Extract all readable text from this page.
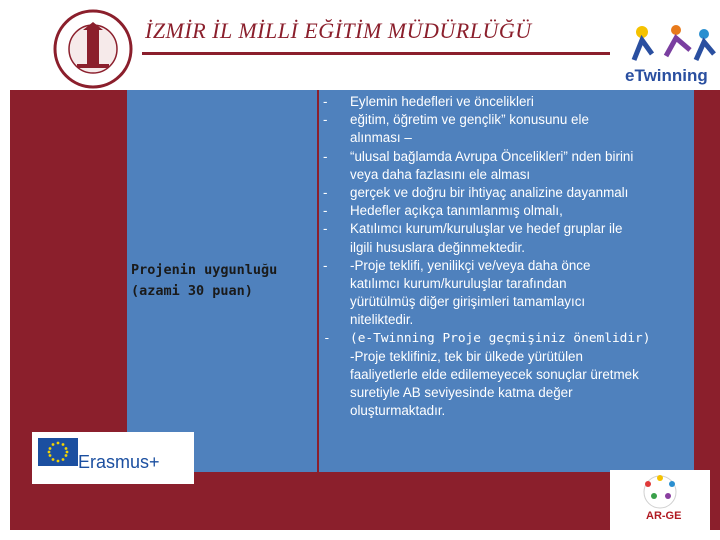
İZMİR İL MİLLİ EĞİTİM MÜDÜRLÜĞÜ
eTwinning
Projenin uygunluğu
(azami 30 puan)
- Eylemin hedefleri ve öncelikleri
- eğitim, öğretim ve gençlik” konusunu ele
alınması –
- “ulusal bağlamda Avrupa Öncelikleri” nden birini
veya daha fazlasını ele alması
- gerçek ve doğru bir ihtiyaç analizine dayanmalı
- Hedefler açıkça tanımlanmış olmalı,
- Katılımcı kurum/kuruluşlar ve hedef gruplar ile
ilgili hususlara değinmektedir.
- -Proje teklifi, yenilikçi ve/veya daha önce
katılımcı kurum/kuruluşlar tarafından
yürütülmüş diğer girişimleri tamamlayıcı
niteliktedir.
- (e-Twinning Proje geçmişiniz önemlidir)
-Proje teklifiniz, tek bir ülkede yürütülen
faaliyetlerle elde edilemeyecek sonuçlar üretmek
suretiyle AB seviyesinde katma değer
oluşturmaktadır.
Erasmus+
AR-GE
